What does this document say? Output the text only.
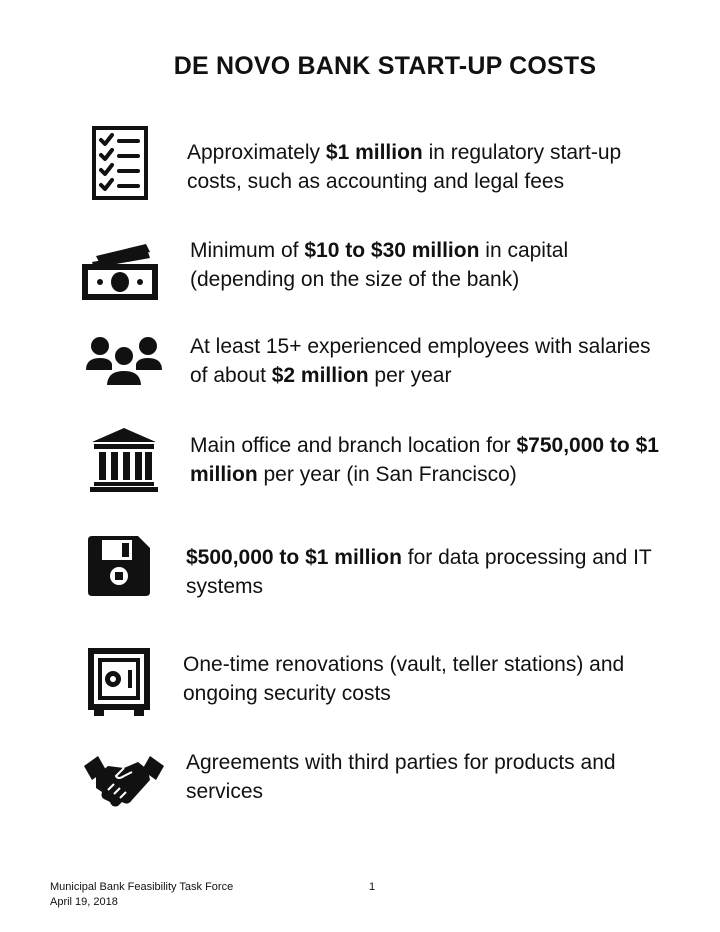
DE NOVO BANK START-UP COSTS
Approximately $1 million in regulatory start-up costs, such as accounting and legal fees
Minimum of $10 to $30 million in capital (depending on the size of the bank)
At least 15+ experienced employees with salaries of about $2 million per year
Main office and branch location for $750,000 to $1 million per year (in San Francisco)
$500,000 to $1 million for data processing and IT systems
One-time renovations (vault, teller stations) and ongoing security costs
Agreements with third parties for products and services
Municipal Bank Feasibility Task Force
April 19, 2018
1
